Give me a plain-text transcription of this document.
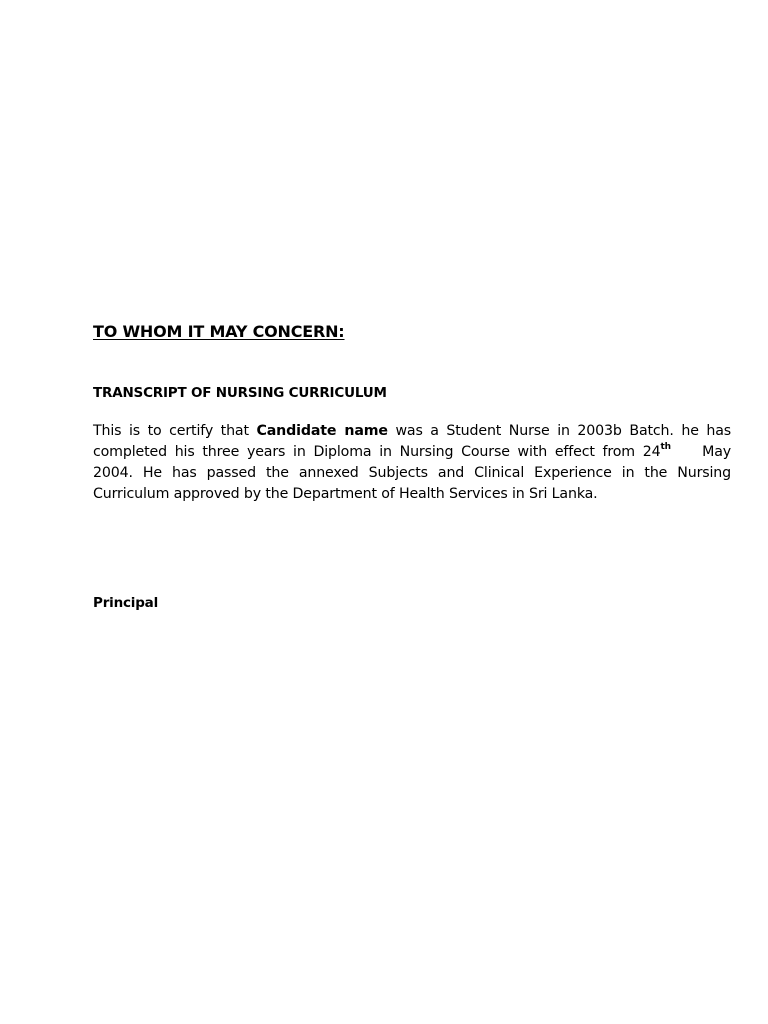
TO WHOM IT MAY CONCERN:
TRANSCRIPT OF NURSING CURRICULUM
This is to certify that Candidate name was a Student Nurse in 2003b Batch. he has
completed his three years in Diploma in Nursing Course with effect from 24th May
2004. He has passed the annexed Subjects and Clinical Experience in the Nursing
Curriculum approved by the Department of Health Services in Sri Lanka.
Principal
